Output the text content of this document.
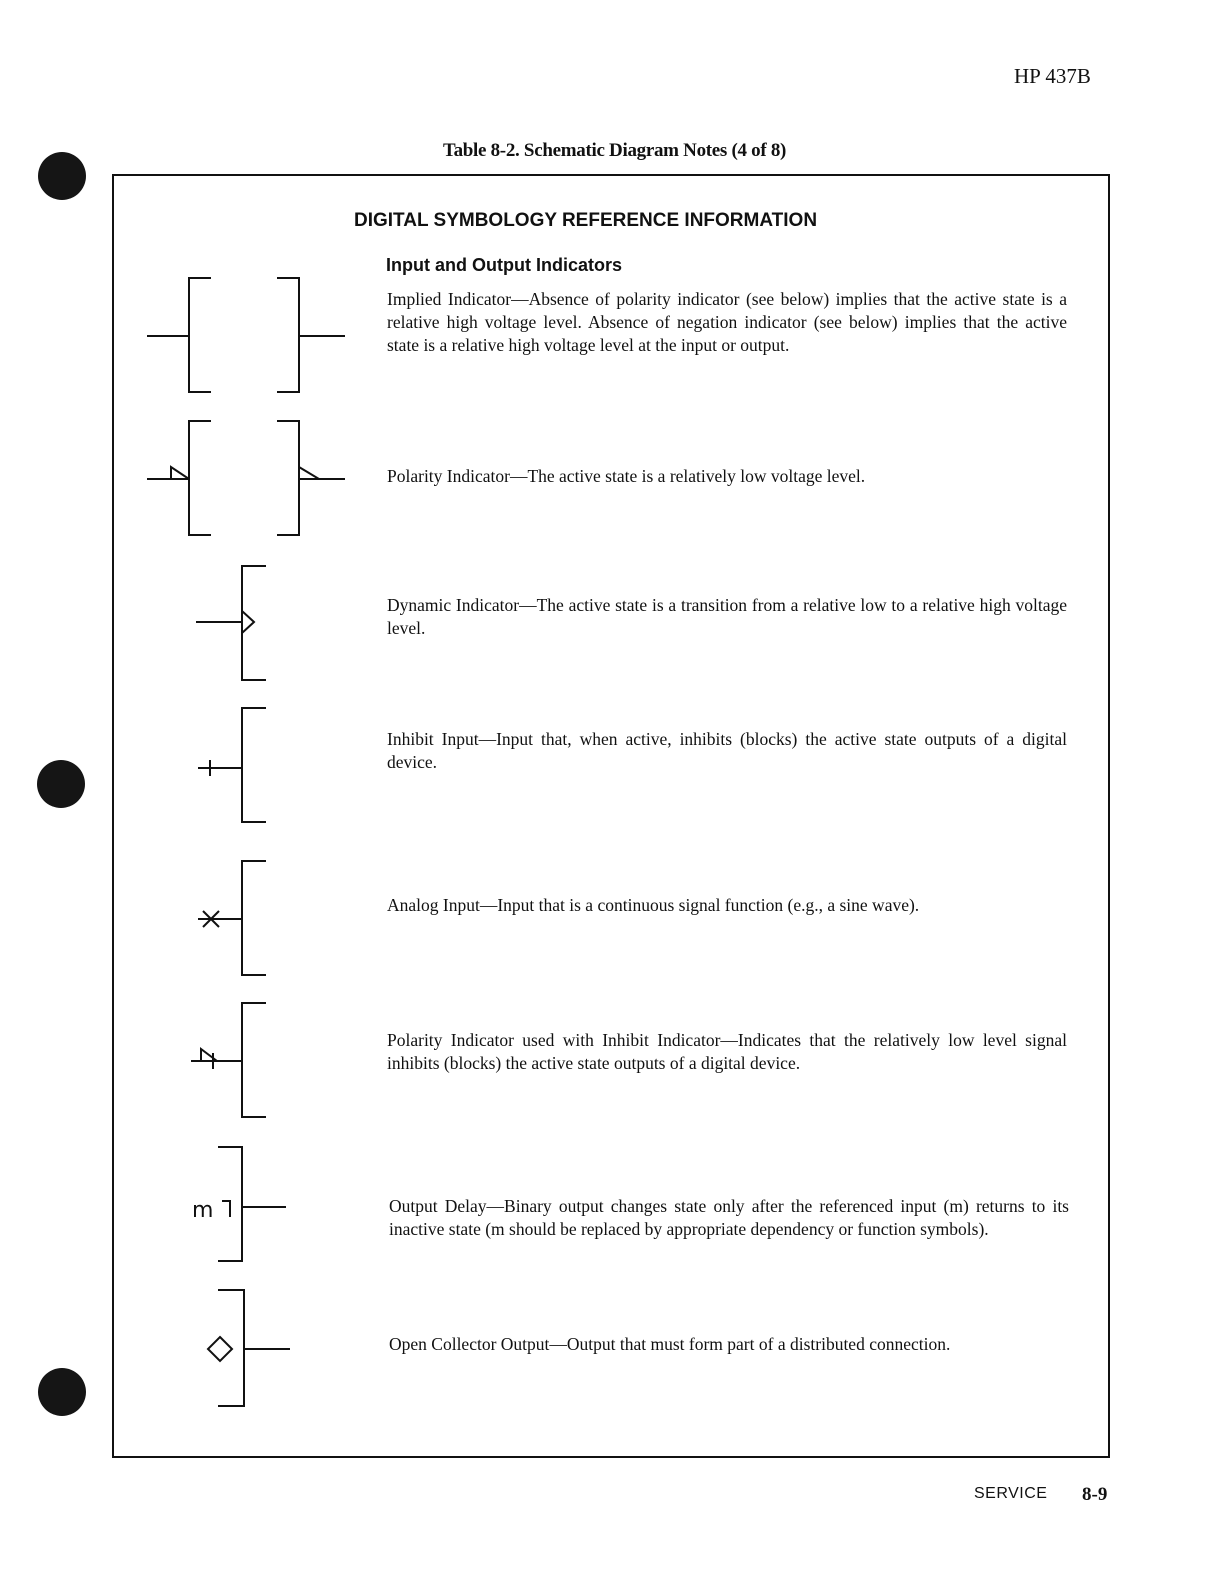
HP 437B
Table 8-2. Schematic Diagram Notes (4 of 8)
DIGITAL SYMBOLOGY REFERENCE INFORMATION
Input and Output Indicators
Implied Indicator—Absence of polarity indicator (see below) implies that the active state is a relative high voltage level. Absence of negation indicator (see below) implies that the active state is a relative high voltage level at the input or output.
Polarity Indicator—The active state is a relatively low voltage level.
Dynamic Indicator—The active state is a transition from a relative low to a relative high voltage level.
Inhibit Input—Input that, when active, inhibits (blocks) the active state outputs of a digital device.
Analog Input—Input that is a continuous signal function (e.g., a sine wave).
Polarity Indicator used with Inhibit Indicator—Indicates that the relatively low level signal inhibits (blocks) the active state outputs of a digital device.
m	Output Delay—Binary output changes state only after the referenced input (m) returns to its inactive state (m should be replaced by appropriate dependency or function symbols).
Open Collector Output—Output that must form part of a distributed connection.
SERVICE 8-9
